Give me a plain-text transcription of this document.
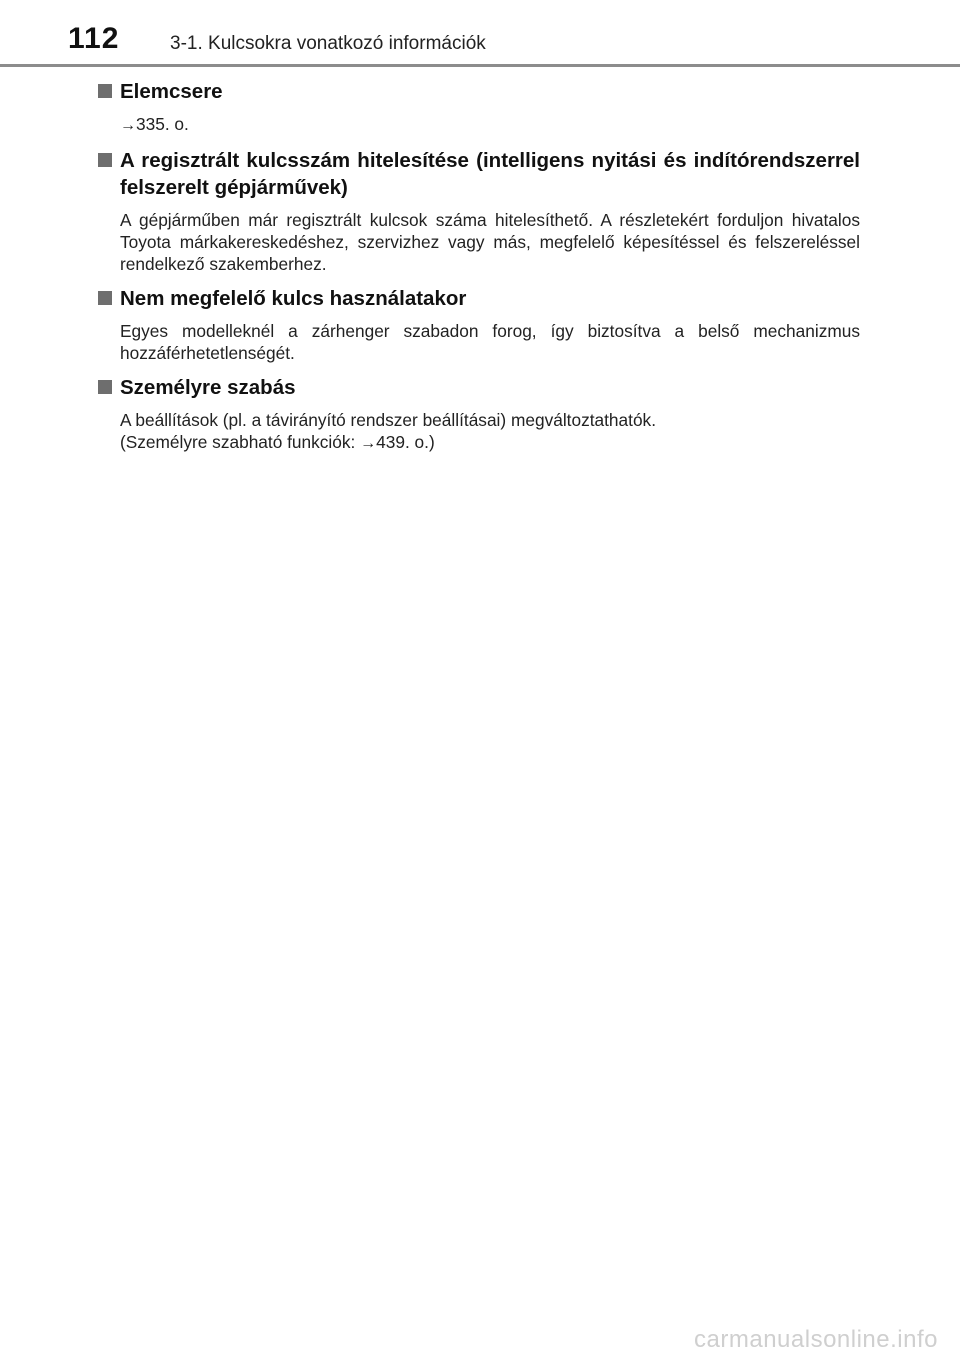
112	3-1. Kulcsokra vonatkozó információk
Elemcsere

→335. o.

A regisztrált kulcsszám hitelesítése (intelligens nyitási és indítórendszerrel felszerelt gépjárművek)

A gépjárműben már regisztrált kulcsok száma hitelesíthető. A részletekért forduljon hivatalos Toyota márkakereskedéshez, szervizhez vagy más, megfelelő képesítéssel és felszereléssel rendelkező szakemberhez.

Nem megfelelő kulcs használatakor

Egyes modelleknél a zárhenger szabadon forog, így biztosítva a belső mechanizmus hozzáférhetetlenségét.

Személyre szabás

A beállítások (pl. a távirányító rendszer beállításai) megváltoztathatók.

(Személyre szabható funkciók: →439. o.)

carmanualsonline.info
